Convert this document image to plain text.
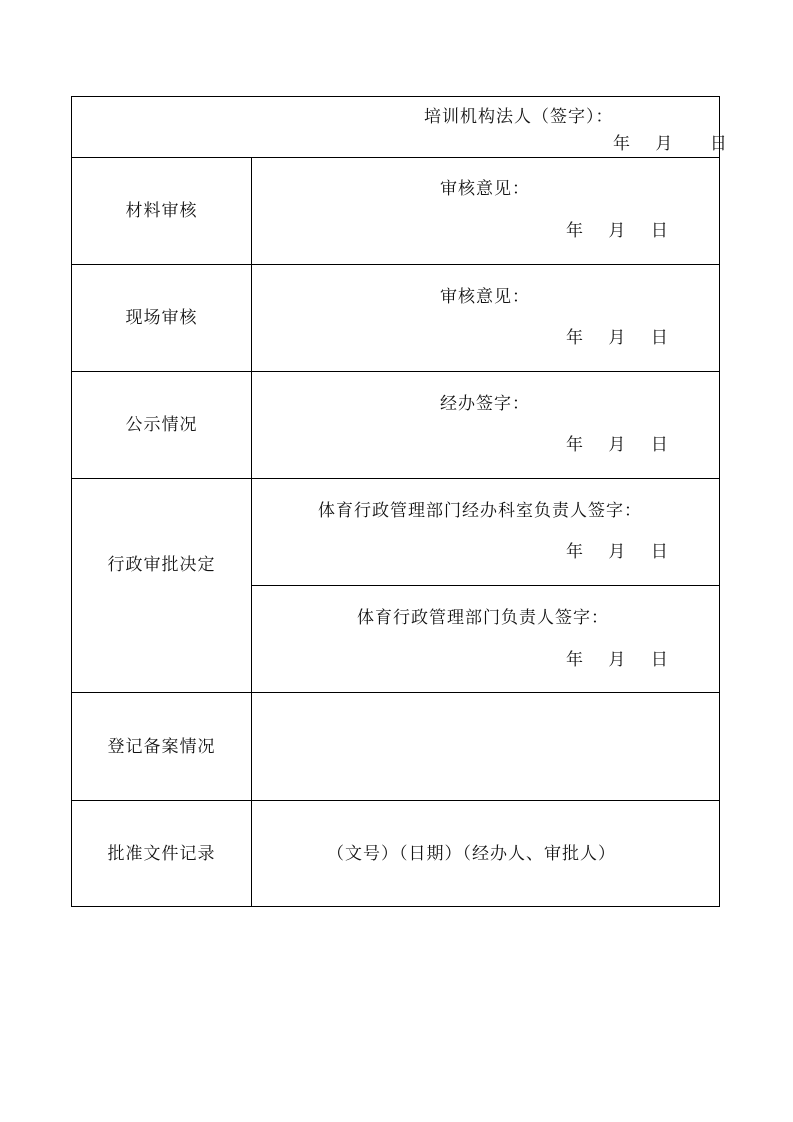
培训机构法人（签字）：
年 月 日
材料审核
审核意见：
年 月 日
现场审核
审核意见：
年 月 日
公示情况
经办签字：
年 月 日
行政审批决定
体育行政管理部门经办科室负责人签字：
年 月 日
体育行政管理部门负责人签字：
年 月 日
登记备案情况
批准文件记录	（文号）（日期）（经办人、审批人）
